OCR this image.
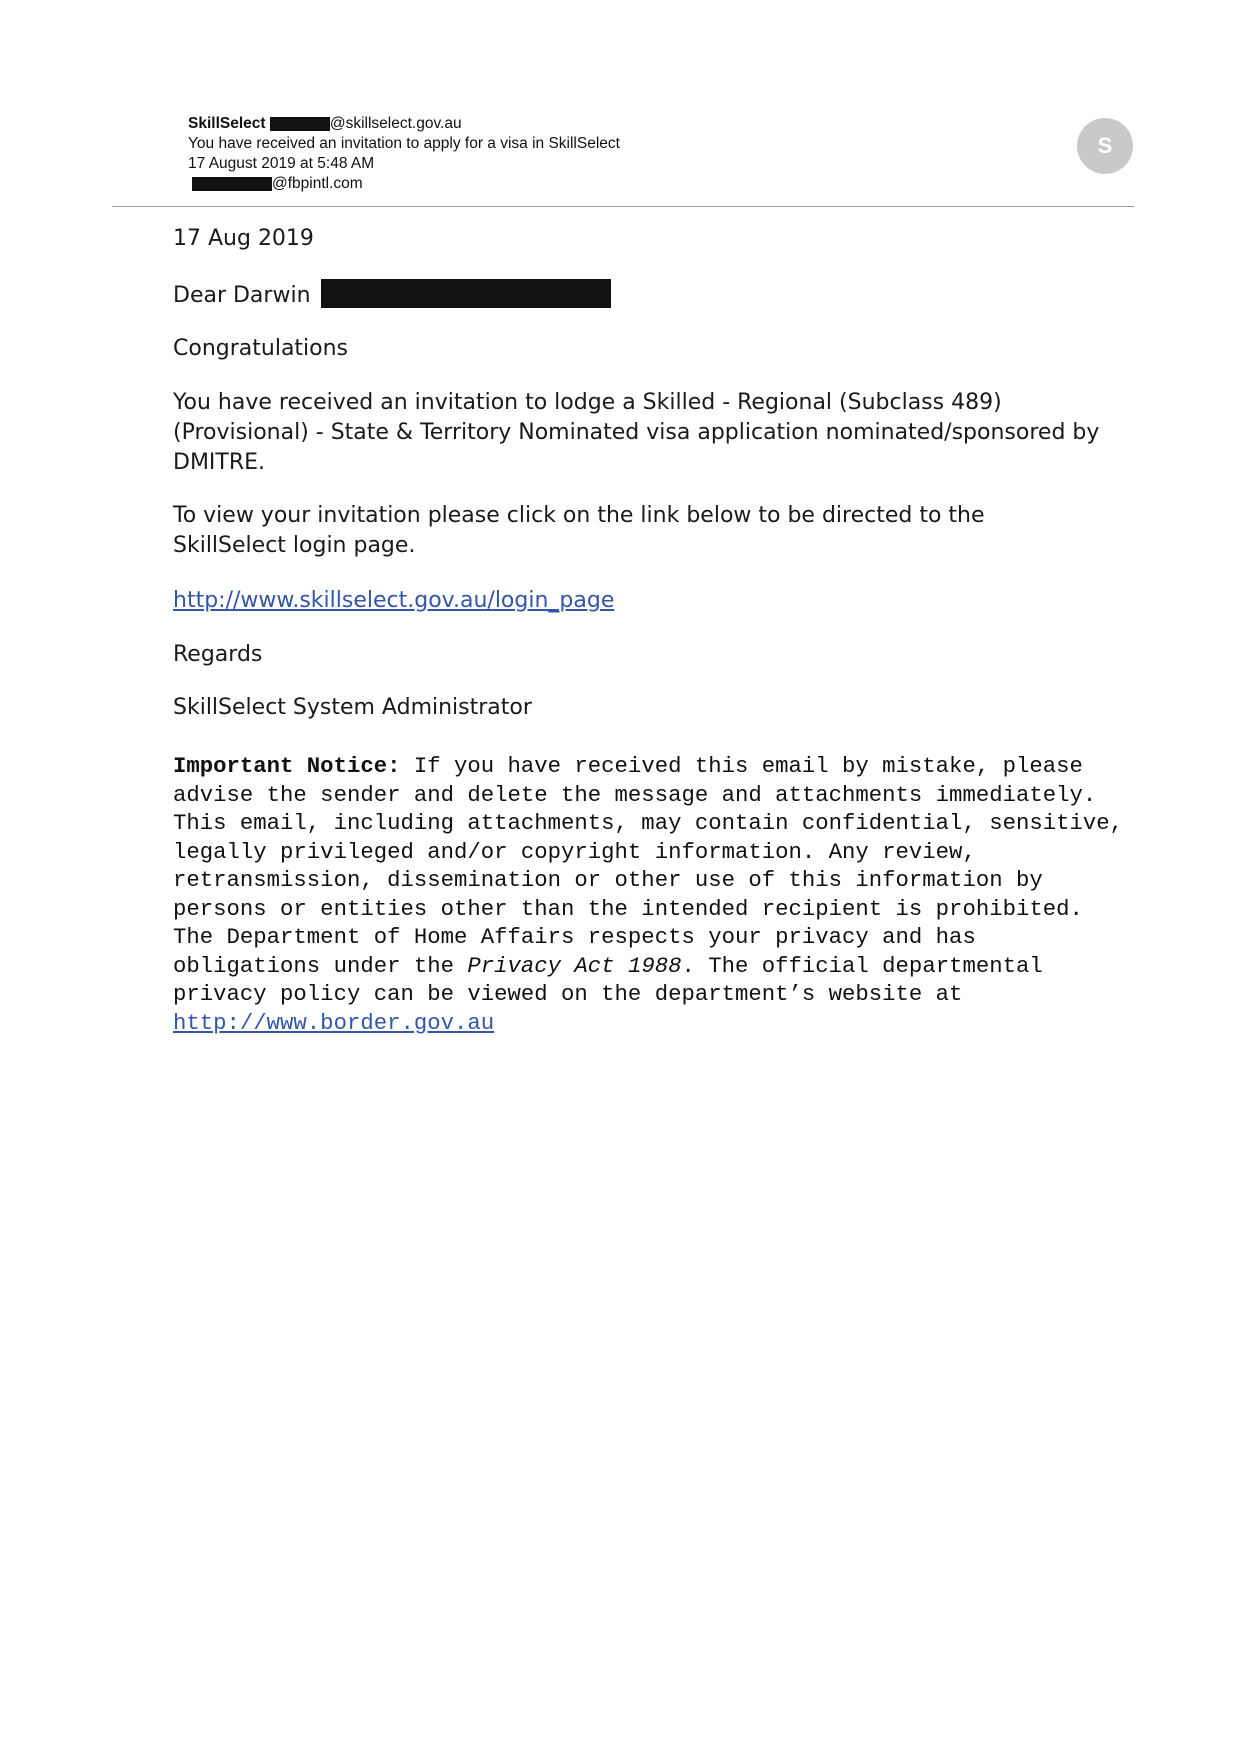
SkillSelect	@skillselect.gov.au
You have received an invitation to apply for a visa in SkillSelect
17 August 2019 at 5:48 AM
@fbpintl.com
S

17 Aug 2019

Dear Darwin

Congratulations

You have received an invitation to lodge a Skilled - Regional (Subclass 489) (Provisional) - State & Territory Nominated visa application nominated/sponsored by DMITRE.

To view your invitation please click on the link below to be directed to the SkillSelect login page.

http://www.skillselect.gov.au/login_page

Regards

SkillSelect System Administrator

Important Notice: If you have received this email by mistake, please advise the sender and delete the message and attachments immediately. This email, including attachments, may contain confidential, sensitive, legally privileged and/or copyright information. Any review, retransmission, dissemination or other use of this information by persons or entities other than the intended recipient is prohibited. The Department of Home Affairs respects your privacy and has obligations under the Privacy Act 1988. The official departmental privacy policy can be viewed on the department’s website at
http://www.border.gov.au
